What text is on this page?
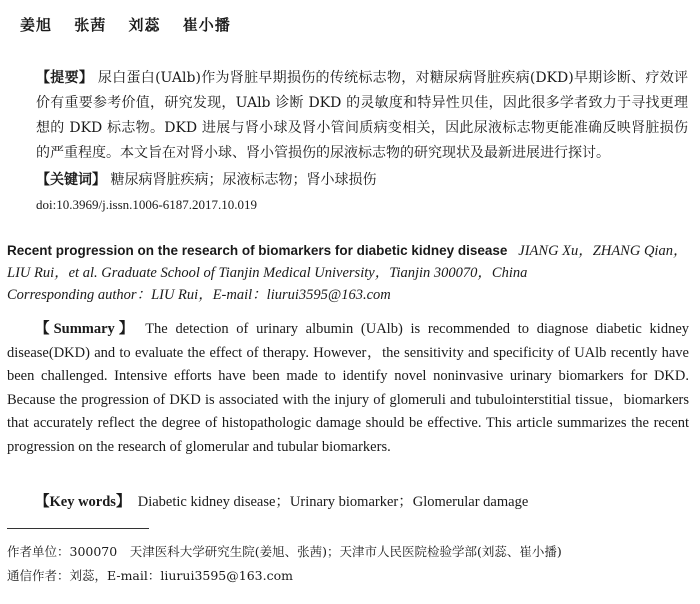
姜旭 张茜 刘蕊 崔小播
【提要】 尿白蛋白(UAlb)作为肾脏早期损伤的传统标志物，对糖尿病肾脏疾病(DKD)早期诊断、疗效评价有重要参考价值，研究发现，UAlb 诊断 DKD 的灵敏度和特异性贝佳，因此很多学者致力于寻找更理想的 DKD 标志物。DKD 进展与肾小球及肾小管间质病变相关，因此尿液标志物更能准确反映肾脏损伤的严重程度。本文旨在对肾小球、肾小管损伤的尿液标志物的研究现状及最新进展进行探讨。
【关键词】 糖尿病肾脏疾病；尿液标志物；肾小球损伤
doi:10.3969/j.issn.1006-6187.2017.10.019
Recent progression on the research of biomarkers for diabetic kidney disease JIANG Xu，ZHANG Qian，
LIU Rui，et al. Graduate School of Tianjin Medical University，Tianjin 300070，China
Corresponding author：LIU Rui，E-mail：liurui3595@163.com
【Summary】 The detection of urinary albumin (UAlb) is recommended to diagnose diabetic kidney disease(DKD) and to evaluate the effect of therapy. However，the sensitivity and specificity of UAlb recently have been challenged. Intensive efforts have been made to identify novel noninvasive urinary biomarkers for DKD. Because the progression of DKD is associated with the injury of glomeruli and tubulointerstitial tissue，biomarkers that accurately reflect the degree of histopathologic damage should be effective. This article summarizes the recent progression on the research of glomerular and tubular biomarkers.
【Key words】 Diabetic kidney disease；Urinary biomarker；Glomerular damage
作者单位：300070　天津医科大学研究生院(姜旭、张茜)；天津市人民医院检验学部(刘蕊、崔小播)
通信作者：刘蕊，E-mail：liurui3595@163.com
